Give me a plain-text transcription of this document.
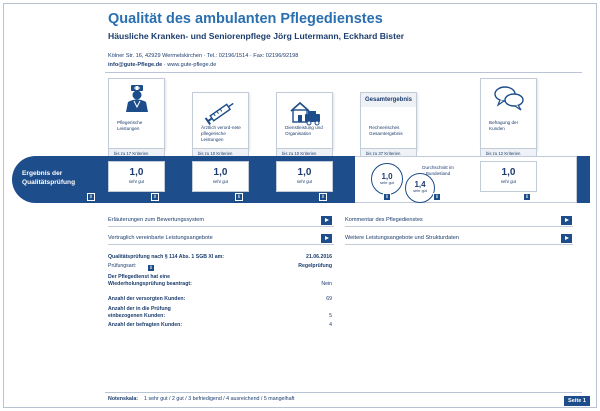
Qualität des ambulanten Pflegedienstes
Häusliche Kranken- und Seniorenpflege Jörg Lutermann, Eckhard Bister
Kölner Str. 16, 42929 Wermelskirchen · Tel.: 02196/1514 · Fax: 02196/92198
info@gute-Pflege.de · www.gute-pflege.de
Pflegerische Leistungen	Ärztlich verord-nete pflegerische Leistungen
Dienstleistung und Organisation
Gesamtergebnis
Rechnerisches Gesamtergebnis
Befragung der Kunden
bis zu 17 Kriterien	bis zu 10 Kriterien	bis zu 10 Kriterien	bis zu 37 Kriterien	bis zu 12 Kriterien
Ergebnis der
Qualitätsprüfung
1,0
sehr gut
1,0
sehr gut
1,0
sehr gut
1,0
sehr gut	1,4
sehr gut
Durchschnitt im Bundesland	1,0
sehr gut
i	i	i	i	i	i	i
Erläuterungen zum Bewertungssystem	Kommentar des Pflegedienstes
Vertraglich vereinbarte Leistungsangebote	Weitere Leistungsangebote und Strukturdaten
Qualitätsprüfung nach § 114 Abs. 1 SGB XI am:	21.06.2016
Prüfungsart:	Regelprüfung
i
Der Pflegedienst hat eine Wiederholungsprüfung beantragt:	Nein
Anzahl der versorgten Kunden:	69
Anzahl der in die Prüfung einbezogenen Kunden:	5
Anzahl der befragten Kunden:	4
Notenskala: 1 sehr gut / 2 gut / 3 befriedigend / 4 ausreichend / 5 mangelhaft	Seite 1
